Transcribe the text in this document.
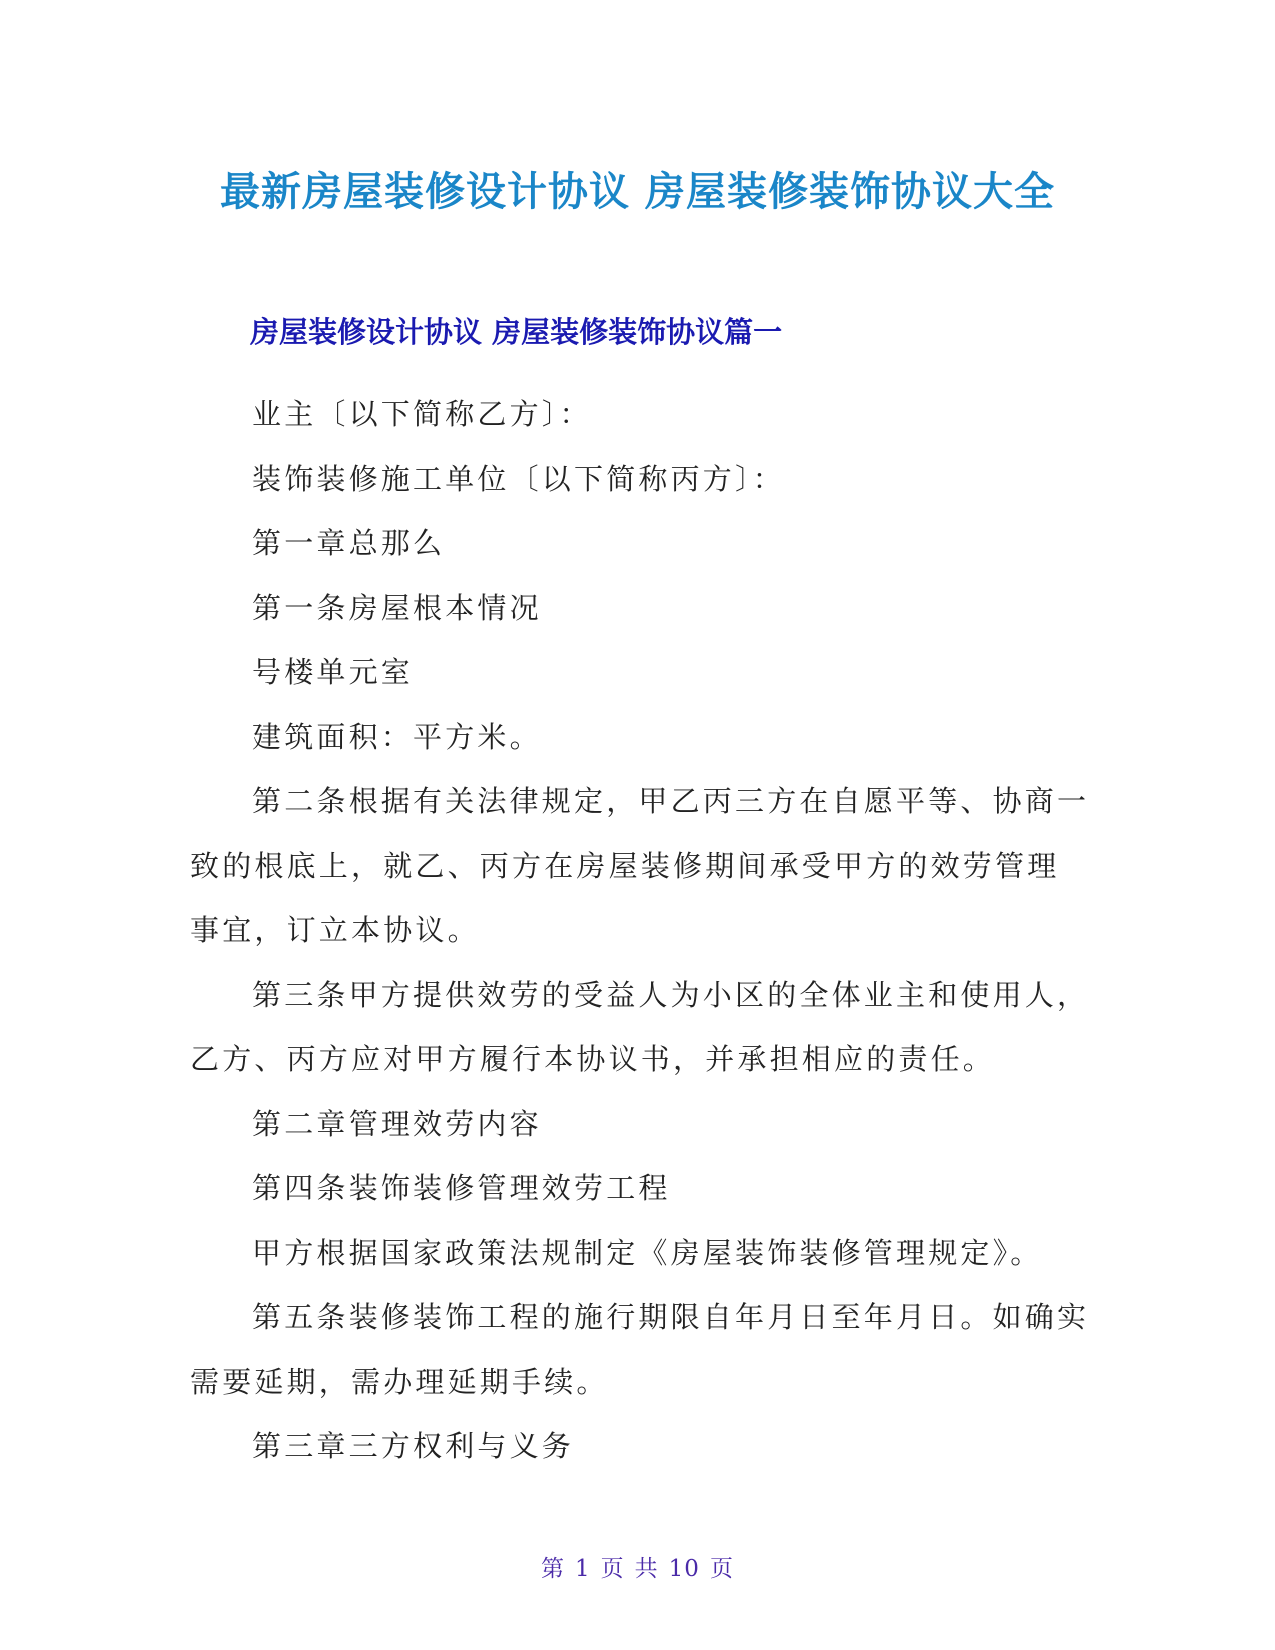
最新房屋装修设计协议 房屋装修装饰协议大全
房屋装修设计协议 房屋装修装饰协议篇一

业主〔以下简称乙方〕：

装饰装修施工单位〔以下简称丙方〕：

第一章总那么

第一条房屋根本情况

号楼单元室

建筑面积：平方米。

第二条根据有关法律规定，甲乙丙三方在自愿平等、协商一致的根底上，就乙、丙方在房屋装修期间承受甲方的效劳管理事宜，订立本协议。

第三条甲方提供效劳的受益人为小区的全体业主和使用人，乙方、丙方应对甲方履行本协议书，并承担相应的责任。

第二章管理效劳内容

第四条装饰装修管理效劳工程

甲方根据国家政策法规制定《房屋装饰装修管理规定》。

第五条装修装饰工程的施行期限自年月日至年月日。如确实需要延期，需办理延期手续。

第三章三方权利与义务

第 1 页 共 10 页
